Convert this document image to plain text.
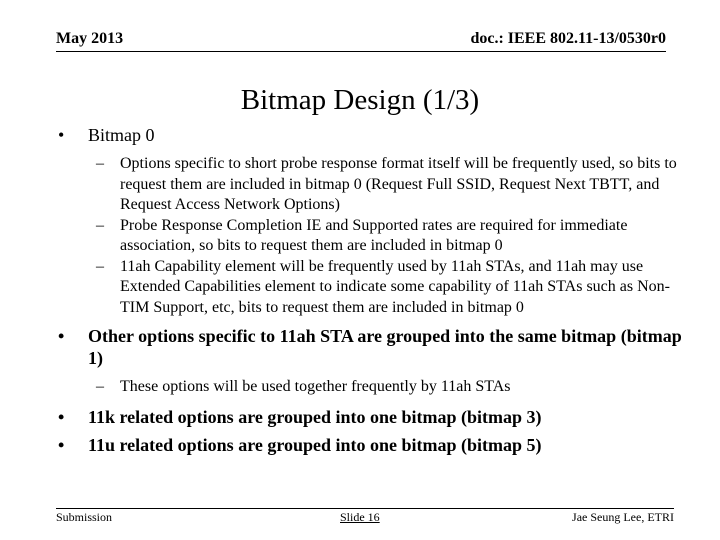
May 2013	doc.: IEEE 802.11-13/0530r0
Bitmap Design (1/3)
• Bitmap 0
– Options specific to short probe response format itself will be frequently used, so bits to request them are included in bitmap 0 (Request Full SSID, Request Next TBTT, and Request Access Network Options)
– Probe Response Completion IE and Supported rates are required for immediate association, so bits to request them are included in bitmap 0
– 11ah Capability element will be frequently used by 11ah STAs, and 11ah may use Extended Capabilities element to indicate some capability of 11ah STAs such as Non-TIM Support, etc, bits to request them are included in bitmap 0
• Other options specific to 11ah STA are grouped into the same bitmap (bitmap 1)
– These options will be used together frequently by 11ah STAs
• 11k related options are grouped into one bitmap (bitmap 3)
• 11u related options are grouped into one bitmap (bitmap 5)
Submission	Slide 16	Jae Seung Lee, ETRI
